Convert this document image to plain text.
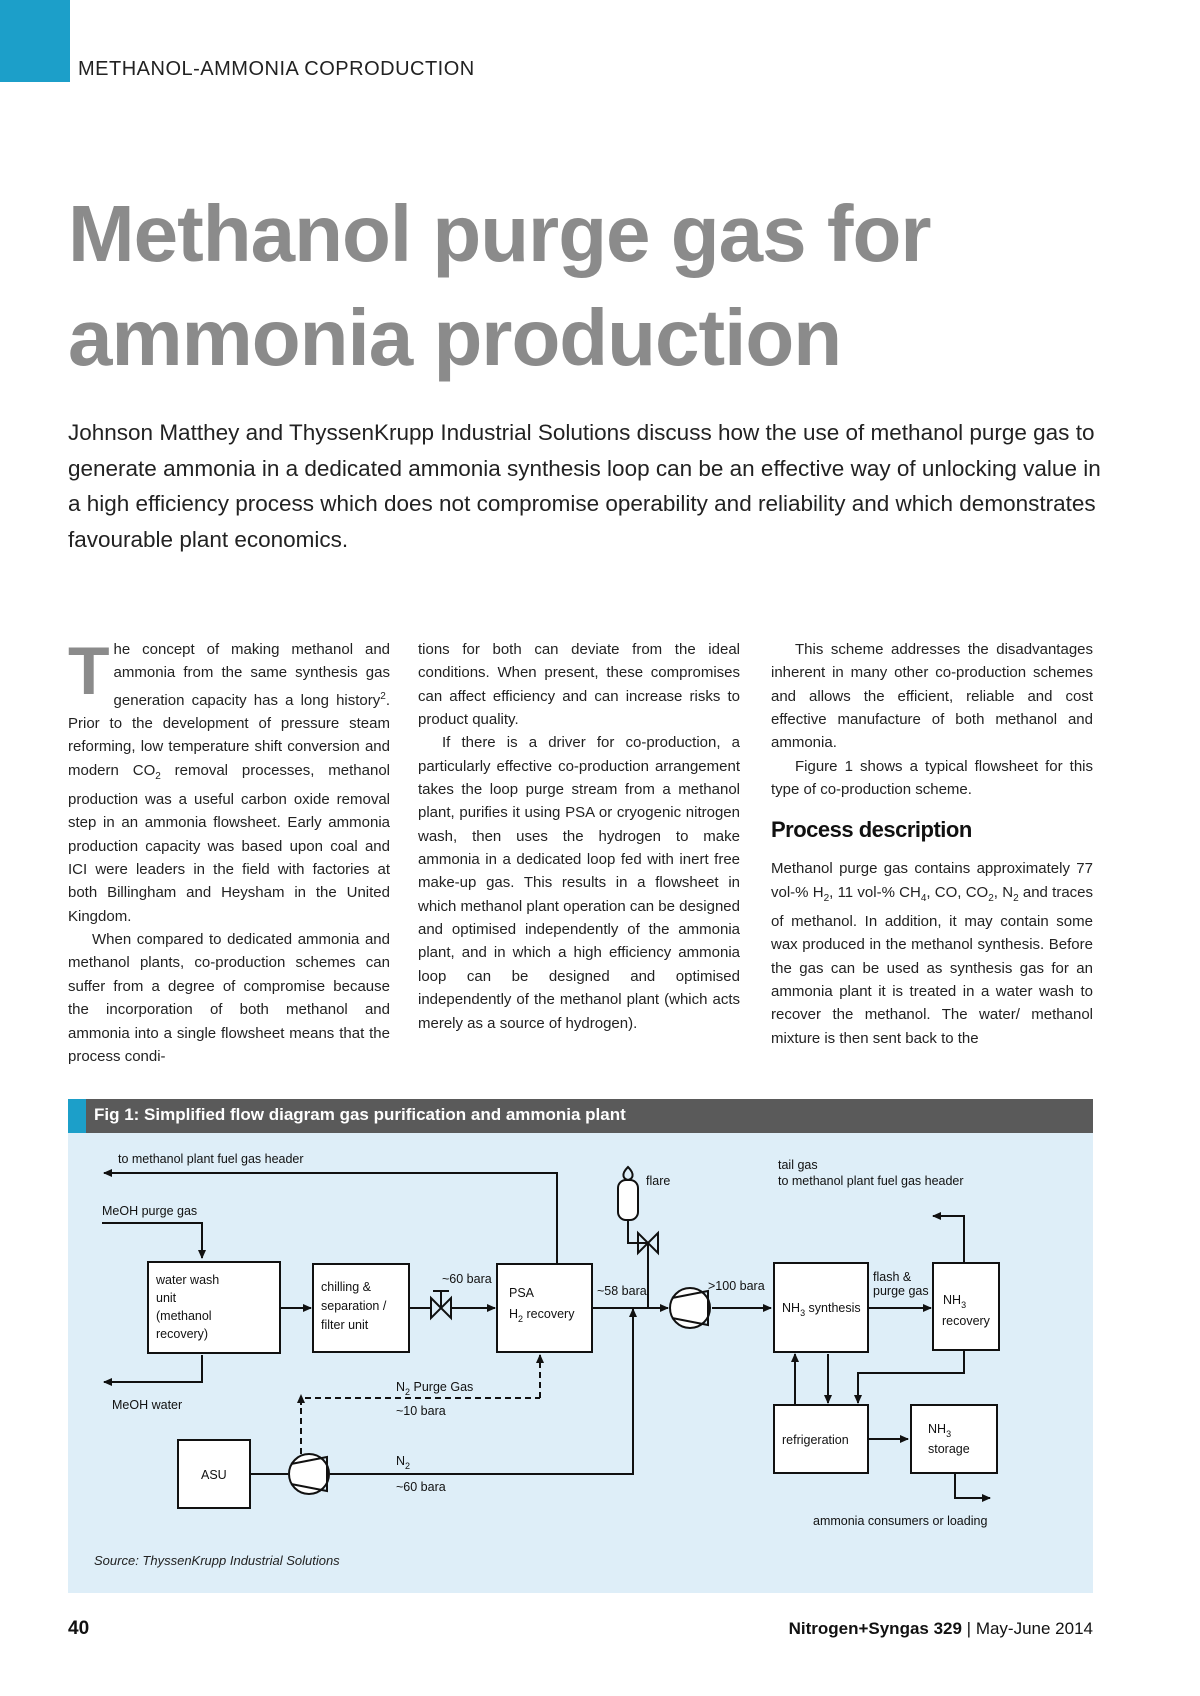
METHANOL-AMMONIA COPRODUCTION
Methanol purge gas for
ammonia production

Johnson Matthey and ThyssenKrupp Industrial Solutions discuss how the use of methanol purge gas to generate ammonia in a dedicated ammonia synthesis loop can be an effective way of unlocking value in a high efficiency process which does not compromise operability and reliability and which demonstrates favourable plant economics.

The concept of making methanol and ammonia from the same synthesis gas generation capacity has a long history$^2$. Prior to the development of pressure steam reforming, low temperature shift conversion and modern $CO_2$ removal processes, methanol production was a useful carbon oxide removal step in an ammonia flowsheet. Early ammonia production capacity was based upon coal and ICI were leaders in the field with factories at both Billingham and Heysham in the United Kingdom.

When compared to dedicated ammonia and methanol plants, co-production schemes can suffer from a degree of compromise because the incorporation of both methanol and ammonia into a single flowsheet means that the process condi-

tions for both can deviate from the ideal conditions. When present, these compromises can affect efficiency and can increase risks to product quality.

If there is a driver for co-production, a particularly effective co-production arrangement takes the loop purge stream from a methanol plant, purifies it using PSA or cryogenic nitrogen wash, then uses the hydrogen to make ammonia in a dedicated loop fed with inert free make-up gas. This results in a flowsheet in which methanol plant operation can be designed and optimised independently of the ammonia plant, and in which a high efficiency ammonia loop can be designed and optimised independently of the methanol plant (which acts merely as a source of hydrogen).

This scheme addresses the disadvantages inherent in many other co-production schemes and allows the efficient, reliable and cost effective manufacture of both methanol and ammonia.

Figure 1 shows a typical flowsheet for this type of co-production scheme.

Process description

Methanol purge gas contains approximately 77 vol-% $H_2$, 11 vol-% $CH_4$, CO, $CO_2$, $N_2$ and traces of methanol. In addition, it may contain some wax produced in the methanol synthesis. Before the gas can be used as synthesis gas for an ammonia plant it is treated in a water wash to recover the methanol. The water/ methanol mixture is then sent back to the

Fig 1: Simplified flow diagram gas purification and ammonia plant
to methanol plant fuel gas header
MeOH purge gas
MeOH water
flare
tail gas
to methanol plant fuel gas header
~60 bara
~58 bara	>100 bara
flash &
purge gas
$N_2$ Purge Gas
~10 bara
$N_2$
~60 bara
ammonia consumers or loading
water wash
unit
(methanol
recovery)
chilling &
separation /
filter unit
PSA
$H_2$ recovery	$NH_3$ synthesis
$NH_3$
recovery
refrigeration
$NH_3$
storage
ASU
Source: ThyssenKrupp Industrial Solutions
40	Nitrogen+Syngas 329 | May-June 2014
